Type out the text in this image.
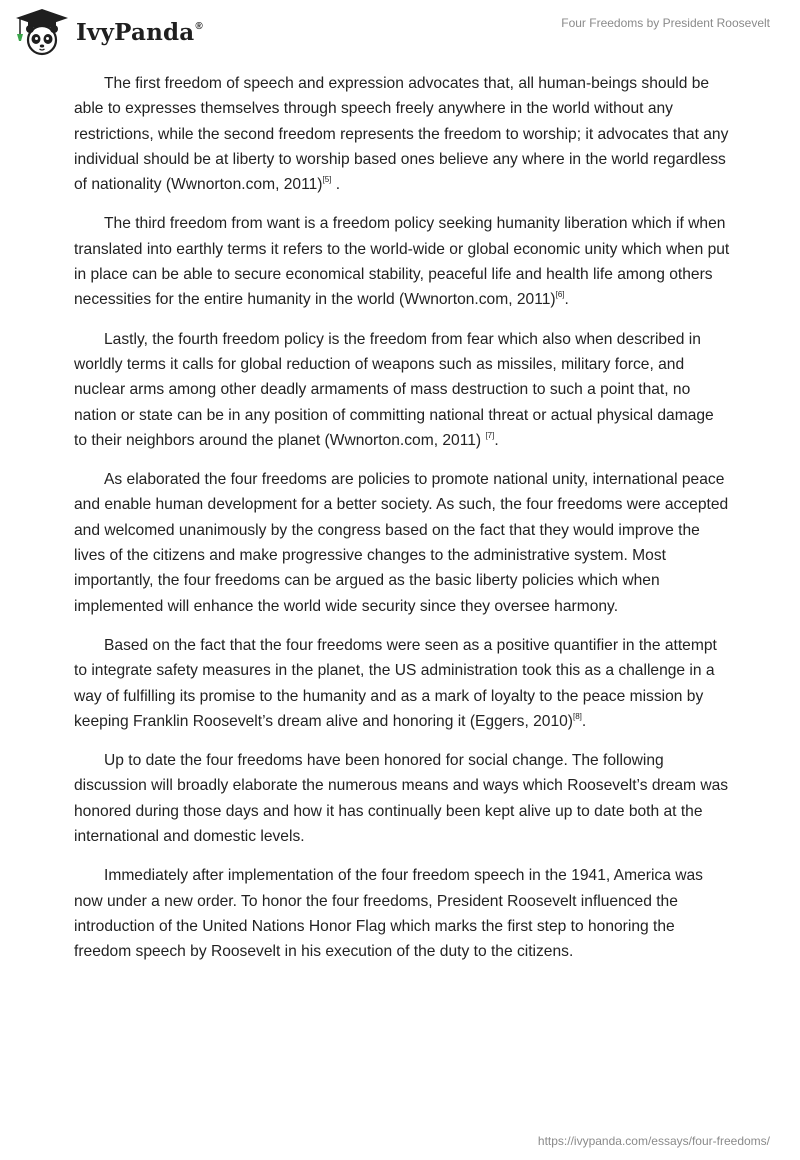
IvyPanda®	Four Freedoms by President Roosevelt

The first freedom of speech and expression advocates that, all human-beings should be able to expresses themselves through speech freely anywhere in the world without any restrictions, while the second freedom represents the freedom to worship; it advocates that any individual should be at liberty to worship based ones believe any where in the world regardless of nationality (Wwnorton.com, 2011)[5] .

The third freedom from want is a freedom policy seeking humanity liberation which if when translated into earthly terms it refers to the world-wide or global economic unity which when put in place can be able to secure economical stability, peaceful life and health life among others necessities for the entire humanity in the world (Wwnorton.com, 2011)[6].

Lastly, the fourth freedom policy is the freedom from fear which also when described in worldly terms it calls for global reduction of weapons such as missiles, military force, and nuclear arms among other deadly armaments of mass destruction to such a point that, no nation or state can be in any position of committing national threat or actual physical damage to their neighbors around the planet (Wwnorton.com, 2011) [7].

As elaborated the four freedoms are policies to promote national unity, international peace and enable human development for a better society. As such, the four freedoms were accepted and welcomed unanimously by the congress based on the fact that they would improve the lives of the citizens and make progressive changes to the administrative system. Most importantly, the four freedoms can be argued as the basic liberty policies which when implemented will enhance the world wide security since they oversee harmony.

Based on the fact that the four freedoms were seen as a positive quantifier in the attempt to integrate safety measures in the planet, the US administration took this as a challenge in a way of fulfilling its promise to the humanity and as a mark of loyalty to the peace mission by keeping Franklin Roosevelt’s dream alive and honoring it (Eggers, 2010)[8].

Up to date the four freedoms have been honored for social change. The following discussion will broadly elaborate the numerous means and ways which Roosevelt’s dream was honored during those days and how it has continually been kept alive up to date both at the international and domestic levels.

Immediately after implementation of the four freedom speech in the 1941, America was now under a new order. To honor the four freedoms, President Roosevelt influenced the introduction of the United Nations Honor Flag which marks the first step to honoring the freedom speech by Roosevelt in his execution of the duty to the citizens.

https://ivypanda.com/essays/four-freedoms/
